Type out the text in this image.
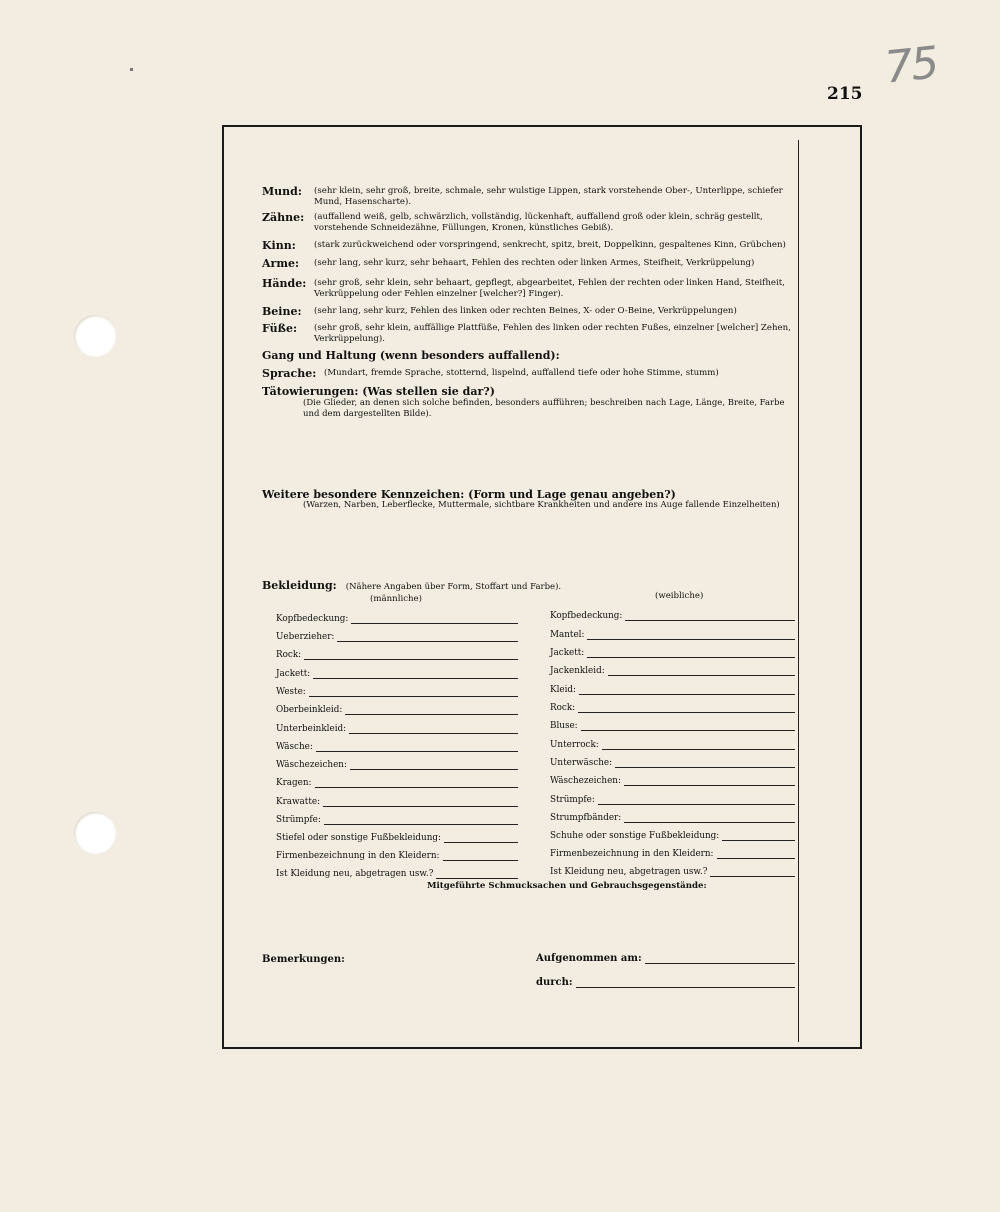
215
75
Mund: (sehr klein, sehr groß, breite, schmale, sehr wulstige Lippen, stark vorstehende Ober-, Unterlippe, schiefer Mund, Hasenscharte).
Zähne: (auffallend weiß, gelb, schwärzlich, vollständig, lückenhaft, auffallend groß oder klein, schräg gestellt, vorstehende Schneidezähne, Füllungen, Kronen, künstliches Gebiß).
Kinn: (stark zurückweichend oder vorspringend, senkrecht, spitz, breit, Doppelkinn, gespaltenes Kinn, Grübchen)
Arme: (sehr lang, sehr kurz, sehr behaart, Fehlen des rechten oder linken Armes, Steifheit, Verkrüppelung)
Hände: (sehr groß, sehr klein, sehr behaart, gepflegt, abgearbeitet, Fehlen der rechten oder linken Hand, Steifheit, Verkrüppelung oder Fehlen einzelner [welcher?] Finger).
Beine: (sehr lang, sehr kurz, Fehlen des linken oder rechten Beines, X- oder O-Beine, Verkrüppelungen)
Füße: (sehr groß, sehr klein, auffällige Plattfüße, Fehlen des linken oder rechten Fußes, einzelner [welcher] Zehen, Verkrüppelung).
Gang und Haltung (wenn besonders auffallend):
Sprache: (Mundart, fremde Sprache, stotternd, lispelnd, auffallend tiefe oder hohe Stimme, stumm)
Tätowierungen: (Was stellen sie dar?)
(Die Glieder, an denen sich solche befinden, besonders aufführen; beschreiben nach Lage, Länge, Breite, Farbe und dem dargestellten Bilde).
Weitere besondere Kennzeichen: (Form und Lage genau angeben?)
(Warzen, Narben, Leberflecke, Muttermale, sichtbare Krankheiten und andere ins Auge fallende Einzelheiten)
Bekleidung: (Nähere Angaben über Form, Stoffart und Farbe).
(männliche)	(weibliche)
Kopfbedeckung:
Ueberzieher:
Rock:
Jackett:
Weste:
Oberbeinkleid:
Unterbeinkleid:
Wäsche:
Wäschezeichen:
Kragen:
Krawatte:
Strümpfe:
Stiefel oder sonstige Fußbekleidung:
Firmenbezeichnung in den Kleidern:
Ist Kleidung neu, abgetragen usw.?
Kopfbedeckung:
Mantel:
Jackett:
Jackenkleid:
Kleid:
Rock:
Bluse:
Unterrock:
Unterwäsche:
Wäschezeichen:
Strümpfe:
Strumpfbänder:
Schuhe oder sonstige Fußbekleidung:
Firmenbezeichnung in den Kleidern:
Ist Kleidung neu, abgetragen usw.?
Mitgeführte Schmucksachen und Gebrauchsgegenstände:
Bemerkungen:	Aufgenommen am:
durch:
